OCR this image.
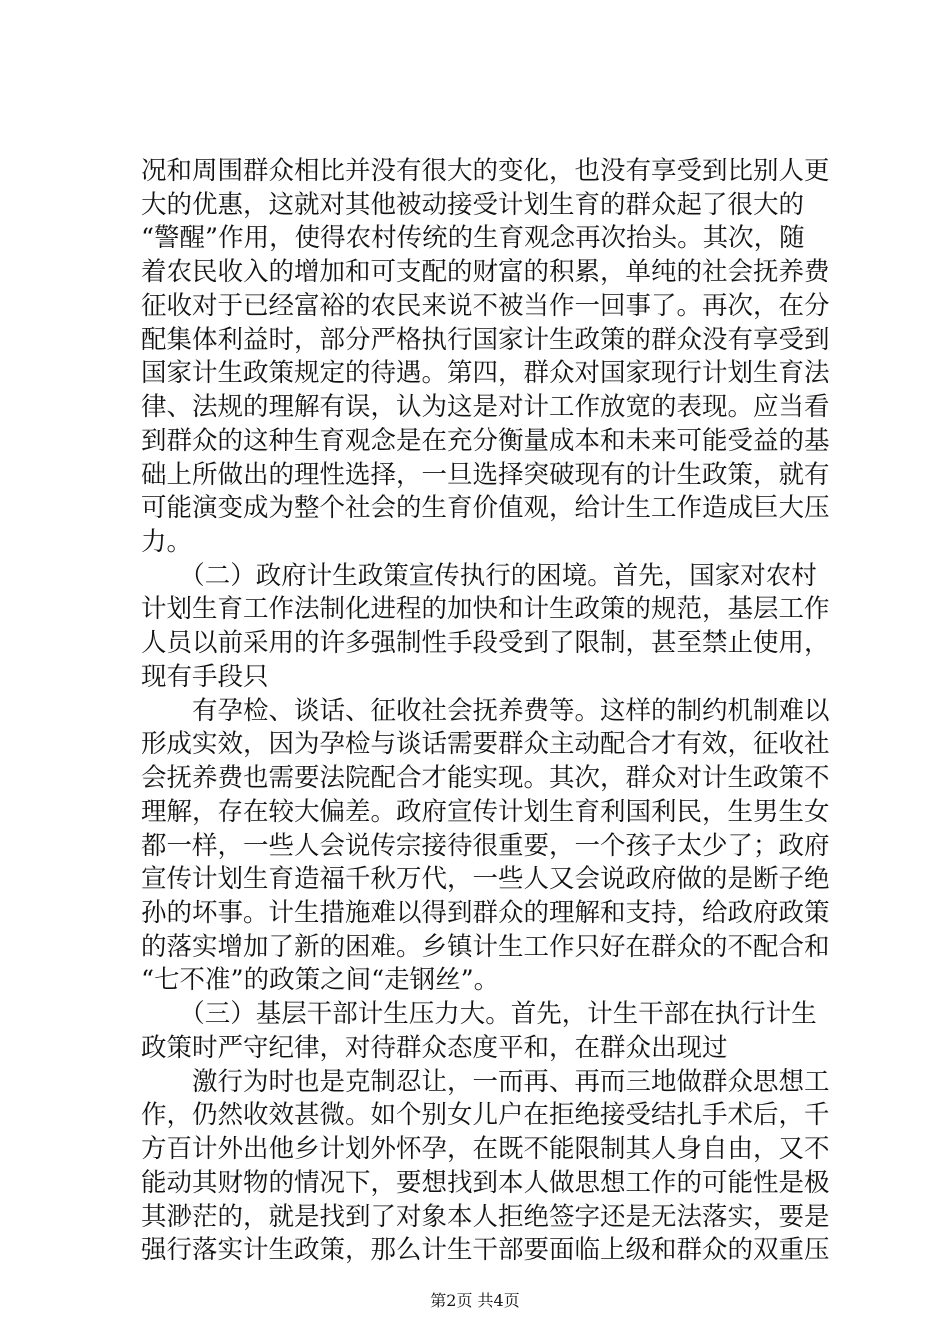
况和周围群众相比并没有很大的变化，也没有享受到比别人更
大的优惠，这就对其他被动接受计划生育的群众起了很大的
“警醒”作用，使得农村传统的生育观念再次抬头。其次，随
着农民收入的增加和可支配的财富的积累，单纯的社会抚养费
征收对于已经富裕的农民来说不被当作一回事了。再次，在分
配集体利益时，部分严格执行国家计生政策的群众没有享受到
国家计生政策规定的待遇。第四，群众对国家现行计划生育法
律、法规的理解有误，认为这是对计工作放宽的表现。应当看
到群众的这种生育观念是在充分衡量成本和未来可能受益的基
础上所做出的理性选择，一旦选择突破现有的计生政策，就有
可能演变成为整个社会的生育价值观，给计生工作造成巨大压
力。
　　（二）政府计生政策宣传执行的困境。首先，国家对农村
计划生育工作法制化进程的加快和计生政策的规范，基层工作
人员以前采用的许多强制性手段受到了限制，甚至禁止使用，
现有手段只
　　有孕检、谈话、征收社会抚养费等。这样的制约机制难以
形成实效，因为孕检与谈话需要群众主动配合才有效，征收社
会抚养费也需要法院配合才能实现。其次，群众对计生政策不
理解，存在较大偏差。政府宣传计划生育利国利民，生男生女
都一样，一些人会说传宗接待很重要，一个孩子太少了；政府
宣传计划生育造福千秋万代，一些人又会说政府做的是断子绝
孙的坏事。计生措施难以得到群众的理解和支持，给政府政策
的落实增加了新的困难。乡镇计生工作只好在群众的不配合和
“七不准”的政策之间“走钢丝”。
　　（三）基层干部计生压力大。首先，计生干部在执行计生
政策时严守纪律，对待群众态度平和，在群众出现过
　　激行为时也是克制忍让，一而再、再而三地做群众思想工
作，仍然收效甚微。如个别女儿户在拒绝接受结扎手术后，千
方百计外出他乡计划外怀孕，在既不能限制其人身自由，又不
能动其财物的情况下，要想找到本人做思想工作的可能性是极
其渺茫的，就是找到了对象本人拒绝签字还是无法落实，要是
强行落实计生政策，那么计生干部要面临上级和群众的双重压
第2页 共4页
